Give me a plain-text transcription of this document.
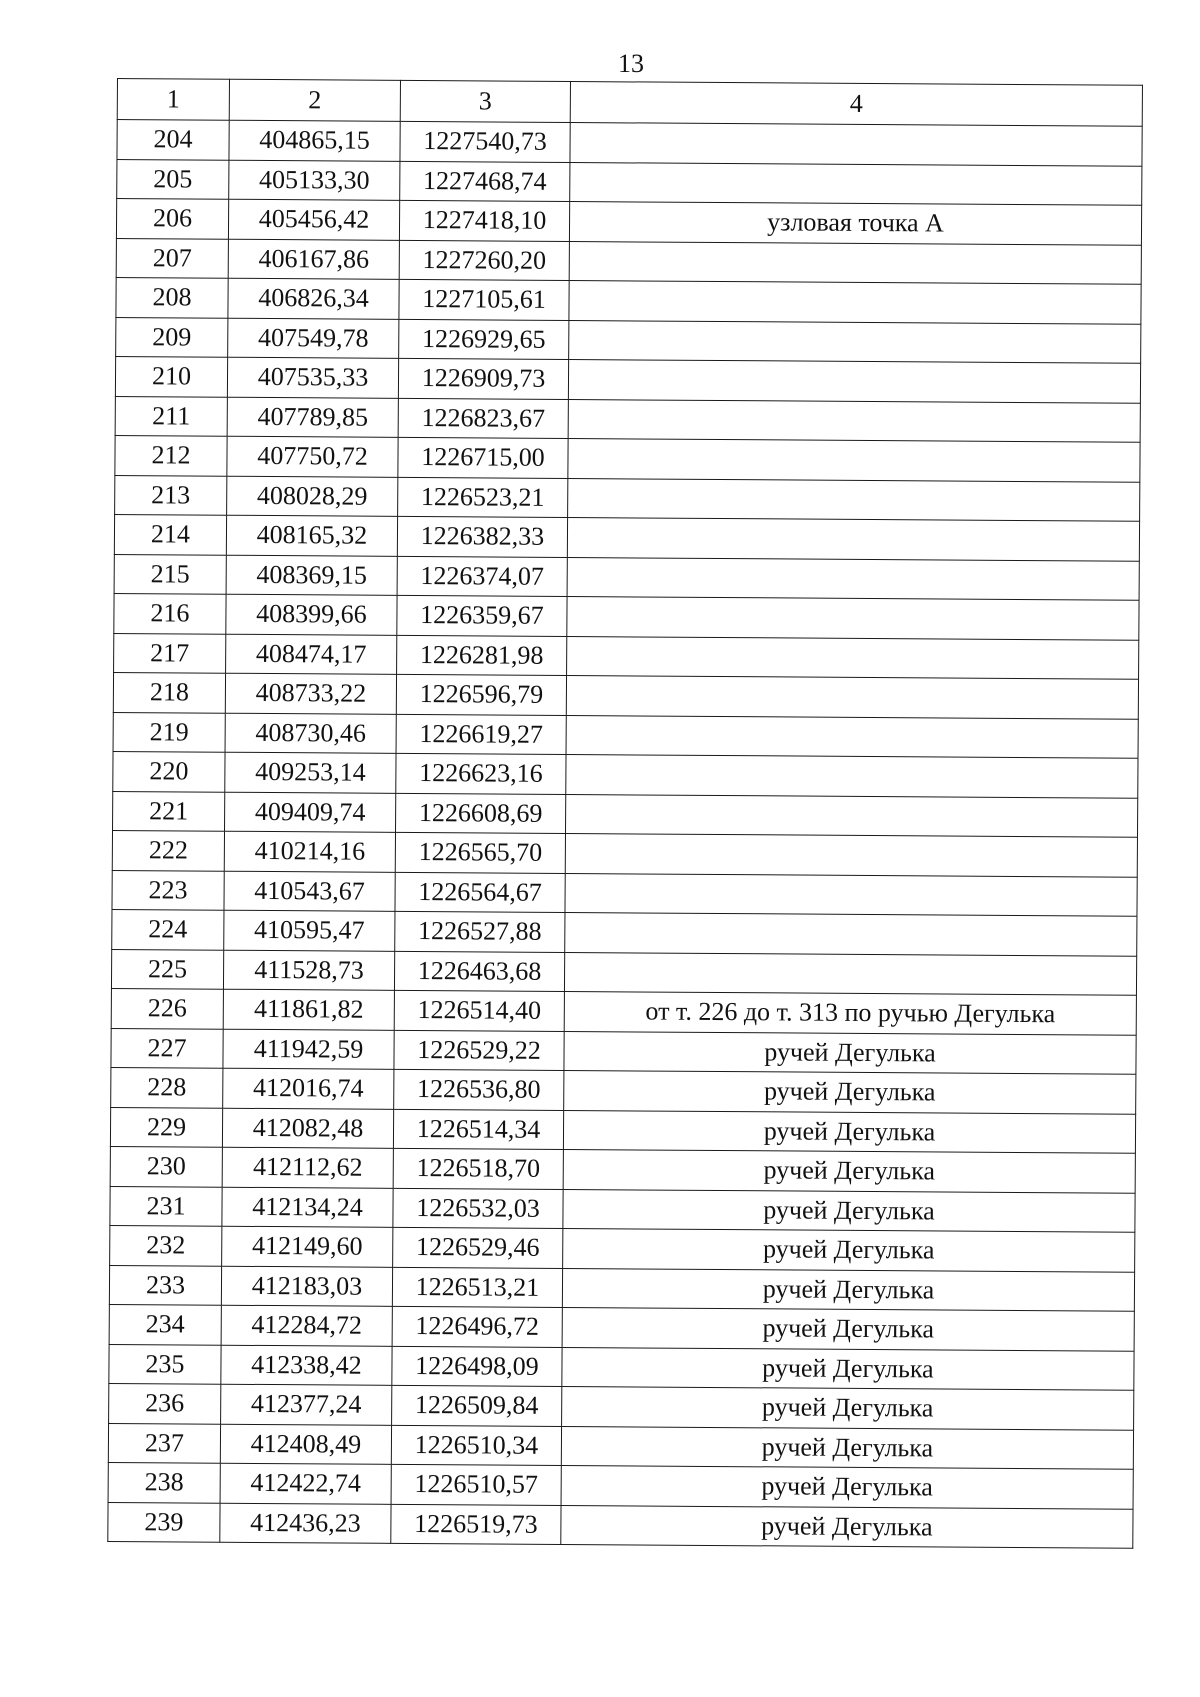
13
1	2	3	4
204	404865,15	1227540,73	
205	405133,30	1227468,74	
206	405456,42	1227418,10	узловая точка А
207	406167,86	1227260,20	
208	406826,34	1227105,61	
209	407549,78	1226929,65	
210	407535,33	1226909,73	
211	407789,85	1226823,67	
212	407750,72	1226715,00	
213	408028,29	1226523,21	
214	408165,32	1226382,33	
215	408369,15	1226374,07	
216	408399,66	1226359,67	
217	408474,17	1226281,98	
218	408733,22	1226596,79	
219	408730,46	1226619,27	
220	409253,14	1226623,16	
221	409409,74	1226608,69	
222	410214,16	1226565,70	
223	410543,67	1226564,67	
224	410595,47	1226527,88	
225	411528,73	1226463,68	
226	411861,82	1226514,40	от т. 226 до т. 313 по ручью Дегулька
227	411942,59	1226529,22	ручей Дегулька
228	412016,74	1226536,80	ручей Дегулька
229	412082,48	1226514,34	ручей Дегулька
230	412112,62	1226518,70	ручей Дегулька
231	412134,24	1226532,03	ручей Дегулька
232	412149,60	1226529,46	ручей Дегулька
233	412183,03	1226513,21	ручей Дегулька
234	412284,72	1226496,72	ручей Дегулька
235	412338,42	1226498,09	ручей Дегулька
236	412377,24	1226509,84	ручей Дегулька
237	412408,49	1226510,34	ручей Дегулька
238	412422,74	1226510,57	ручей Дегулька
239	412436,23	1226519,73	ручей Дегулька
